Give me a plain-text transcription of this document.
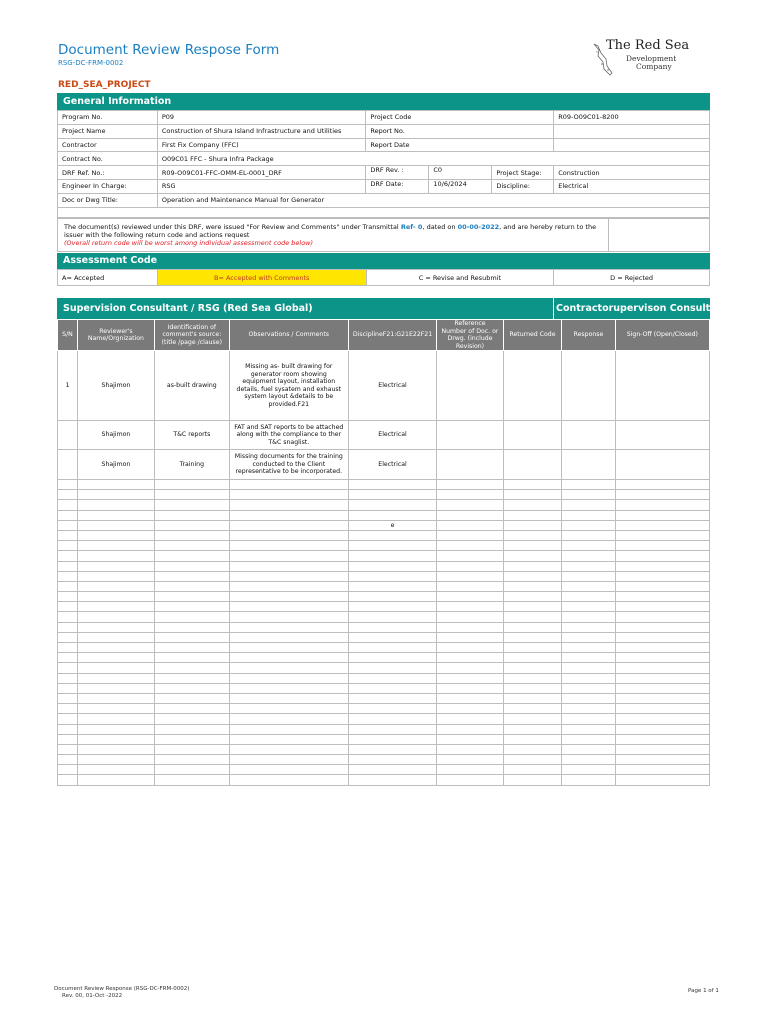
Document Review Respose Form
RSG-DC-FRM-0002
The Red Sea
Development
Company
RED_SEA_PROJECT
General Information
Program No.	P09	Project Code		R09-O09C01-8200
Project Name	Construction of Shura Island Infrastructure and Utilities	Report No.		
Contractor	First Fix Company (FFC)	Report Date		
Contract No.	O09C01 FFC - Shura Infra Package			
DRF Ref. No.:	R09-O09C01-FFC-OMM-EL-0001_DRF	DRF Rev. : C0	Project Stage:	Construction
Engineer In Charge:	RSG	DRF Date: 10/6/2024	Discipline:	Electrical
Doc or Dwg Title:	Operation and Maintenance Manual for Generator			

The document(s) reviewed under this DRF, were issued "For Review and Comments" under Transmittal Ref- 0, dated on 00-00-2022, and are hereby return to the issuer with the following return code and actions request
(Overall return code will be worst among individual assessment code below)
Assessment Code
A= Accepted	B= Accepted with Comments	C = Revise and Resubmit	D = Rejected
Supervision Consultant / RSG (Red Sea Global)	Contractorupervison Consultan
S/N	Reviewer's Name/Orgnization	Identification of comment's source: (title /page /clause)	Observations / Comments	DisciplineF21:G21E22F21	Reference Number of Doc. or Drwg. (include Revision)	Returned Code	Response	Sign-Off (Open/Closed)
1	Shajimon	as-built drawing	Missing as- built drawing for generator room showing equipment layout, installation details, fuel sysatem and exhaust system layout &details to be provided.F21	Electrical				
	Shajimon	T&C reports	FAT and SAT reports to be attached along with the compliance to ther T&C snaglist.	Electrical				
	Shajimon	Training	Missing documents for the training conducted to the Client representative to be incorporated.	Electrical				

				e				

Document Review Response (RSG-DC-FRM-0002)
Rev. 00, 01-Oct -2022
Page 1 of 1
